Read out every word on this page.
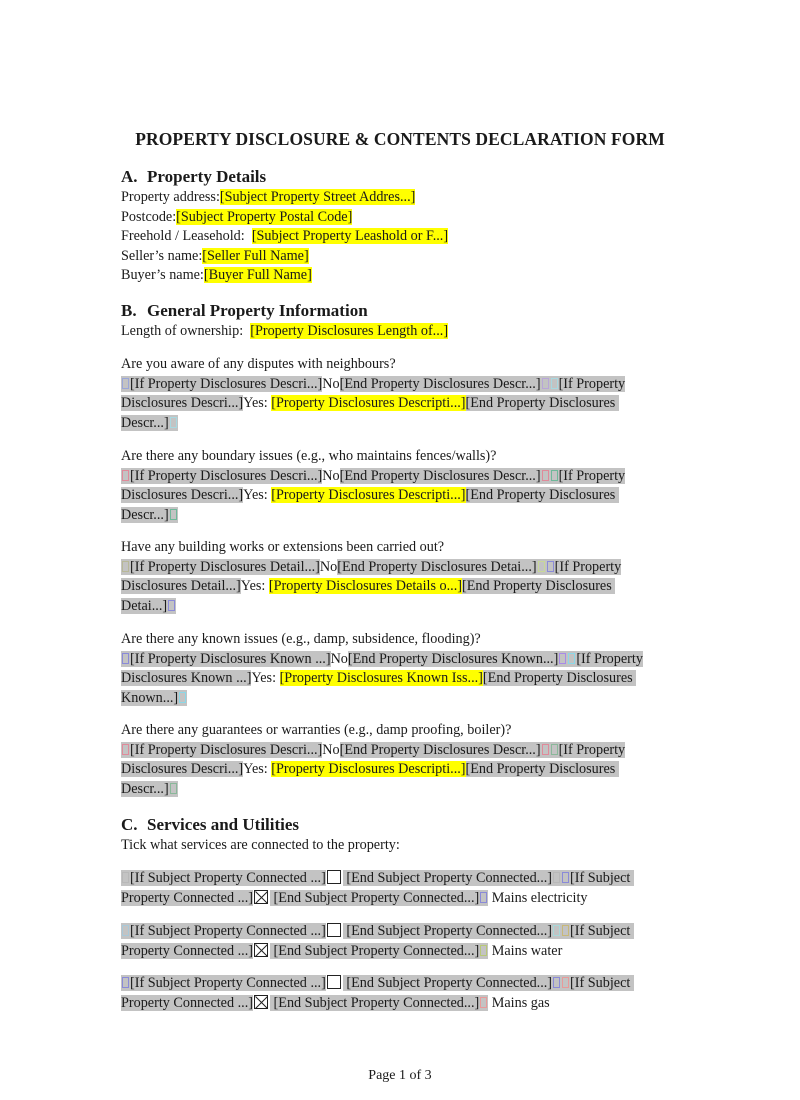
PROPERTY DISCLOSURE & CONTENTS DECLARATION FORM
A. Property Details
Property address:[Subject Property Street Addres...]
Postcode:[Subject Property Postal Code]
Freehold / Leasehold:  [Subject Property Leashold or F...]
Seller’s name:[Seller Full Name]
Buyer’s name:[Buyer Full Name]
B. General Property Information
Length of ownership:  [Property Disclosures Length of...]
Are you aware of any disputes with neighbours?
[If Property Disclosures Descri...]No[End Property Disclosures Descr...] [If Property
Disclosures Descri...]Yes: [Property Disclosures Descripti...][End Property Disclosures
Descr...]
Are there any boundary issues (e.g., who maintains fences/walls)?
[If Property Disclosures Descri...]No[End Property Disclosures Descr...] [If Property
Disclosures Descri...]Yes: [Property Disclosures Descripti...][End Property Disclosures
Descr...]
Have any building works or extensions been carried out?
[If Property Disclosures Detail...]No[End Property Disclosures Detai...] [If Property
Disclosures Detail...]Yes: [Property Disclosures Details o...][End Property Disclosures
Detai...]
Are there any known issues (e.g., damp, subsidence, flooding)?
[If Property Disclosures Known ...]No[End Property Disclosures Known...] [If Property
Disclosures Known ...]Yes: [Property Disclosures Known Iss...][End Property Disclosures
Known...]
Are there any guarantees or warranties (e.g., damp proofing, boiler)?
[If Property Disclosures Descri...]No[End Property Disclosures Descr...] [If Property
Disclosures Descri...]Yes: [Property Disclosures Descripti...][End Property Disclosures
Descr...]
C. Services and Utilities
Tick what services are connected to the property:
[If Subject Property Connected ...] [End Subject Property Connected...] [If Subject
Property Connected ...] [End Subject Property Connected...] Mains electricity
[If Subject Property Connected ...] [End Subject Property Connected...] [If Subject
Property Connected ...] [End Subject Property Connected...] Mains water
[If Subject Property Connected ...] [End Subject Property Connected...] [If Subject
Property Connected ...] [End Subject Property Connected...] Mains gas
Page 1 of 3
